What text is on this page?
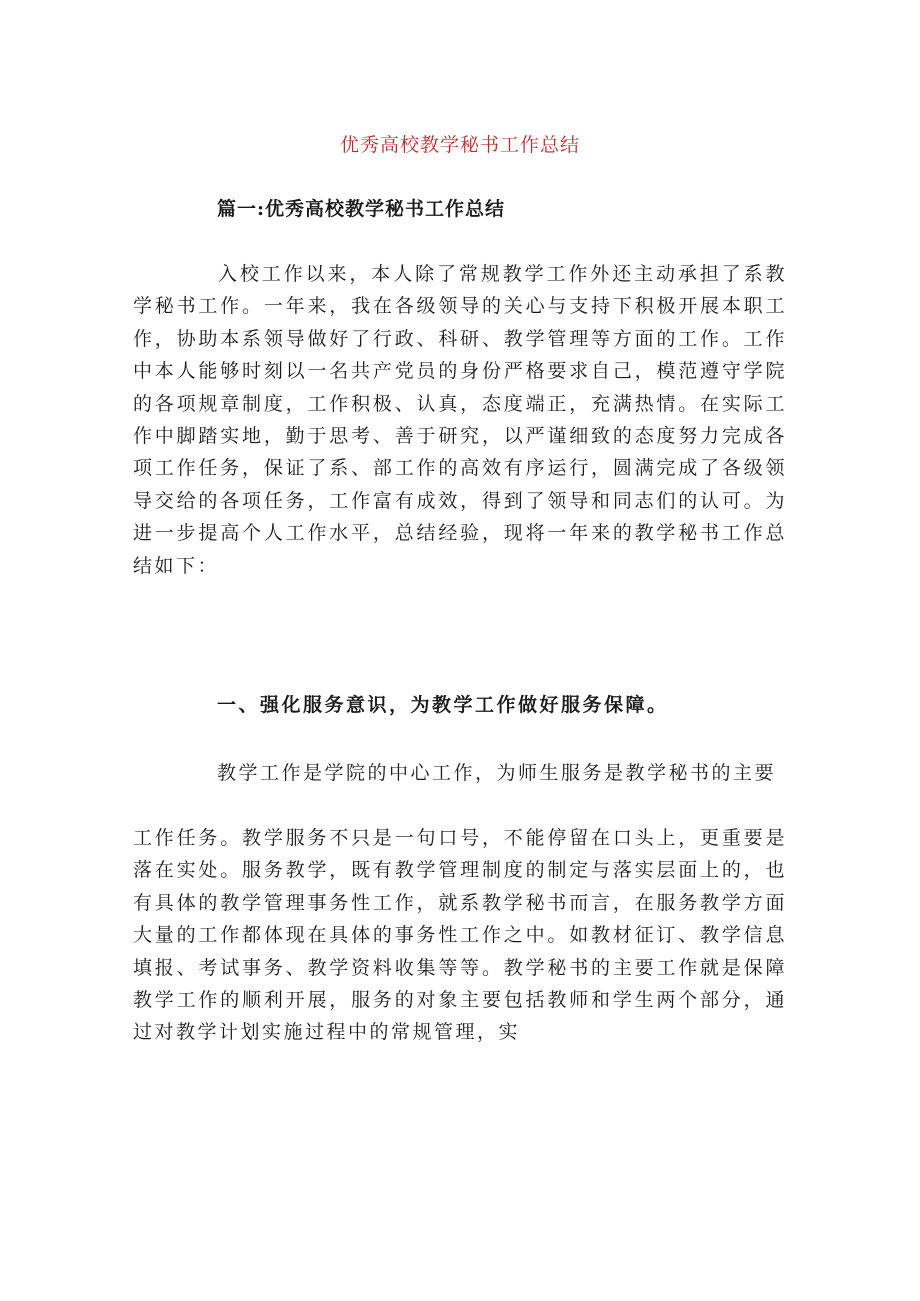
优秀高校教学秘书工作总结
篇一:优秀高校教学秘书工作总结

入校工作以来，本人除了常规教学工作外还主动承担了系教学秘书工作。一年来，我在各级领导的关心与支持下积极开展本职工作，协助本系领导做好了行政、科研、教学管理等方面的工作。工作中本人能够时刻以一名共产党员的身份严格要求自己，模范遵守学院的各项规章制度，工作积极、认真，态度端正，充满热情。在实际工作中脚踏实地，勤于思考、善于研究，以严谨细致的态度努力完成各项工作任务，保证了系、部工作的高效有序运行，圆满完成了各级领导交给的各项任务，工作富有成效，得到了领导和同志们的认可。为进一步提高个人工作水平，总结经验，现将一年来的教学秘书工作总结如下：

一、强化服务意识，为教学工作做好服务保障。

教学工作是学院的中心工作，为师生服务是教学秘书的主要

工作任务。教学服务不只是一句口号，不能停留在口头上，更重要是落在实处。服务教学，既有教学管理制度的制定与落实层面上的，也有具体的教学管理事务性工作，就系教学秘书而言，在服务教学方面大量的工作都体现在具体的事务性工作之中。如教材征订、教学信息填报、考试事务、教学资料收集等等。教学秘书的主要工作就是保障教学工作的顺利开展，服务的对象主要包括教师和学生两个部分，通过对教学计划实施过程中的常规管理，实
